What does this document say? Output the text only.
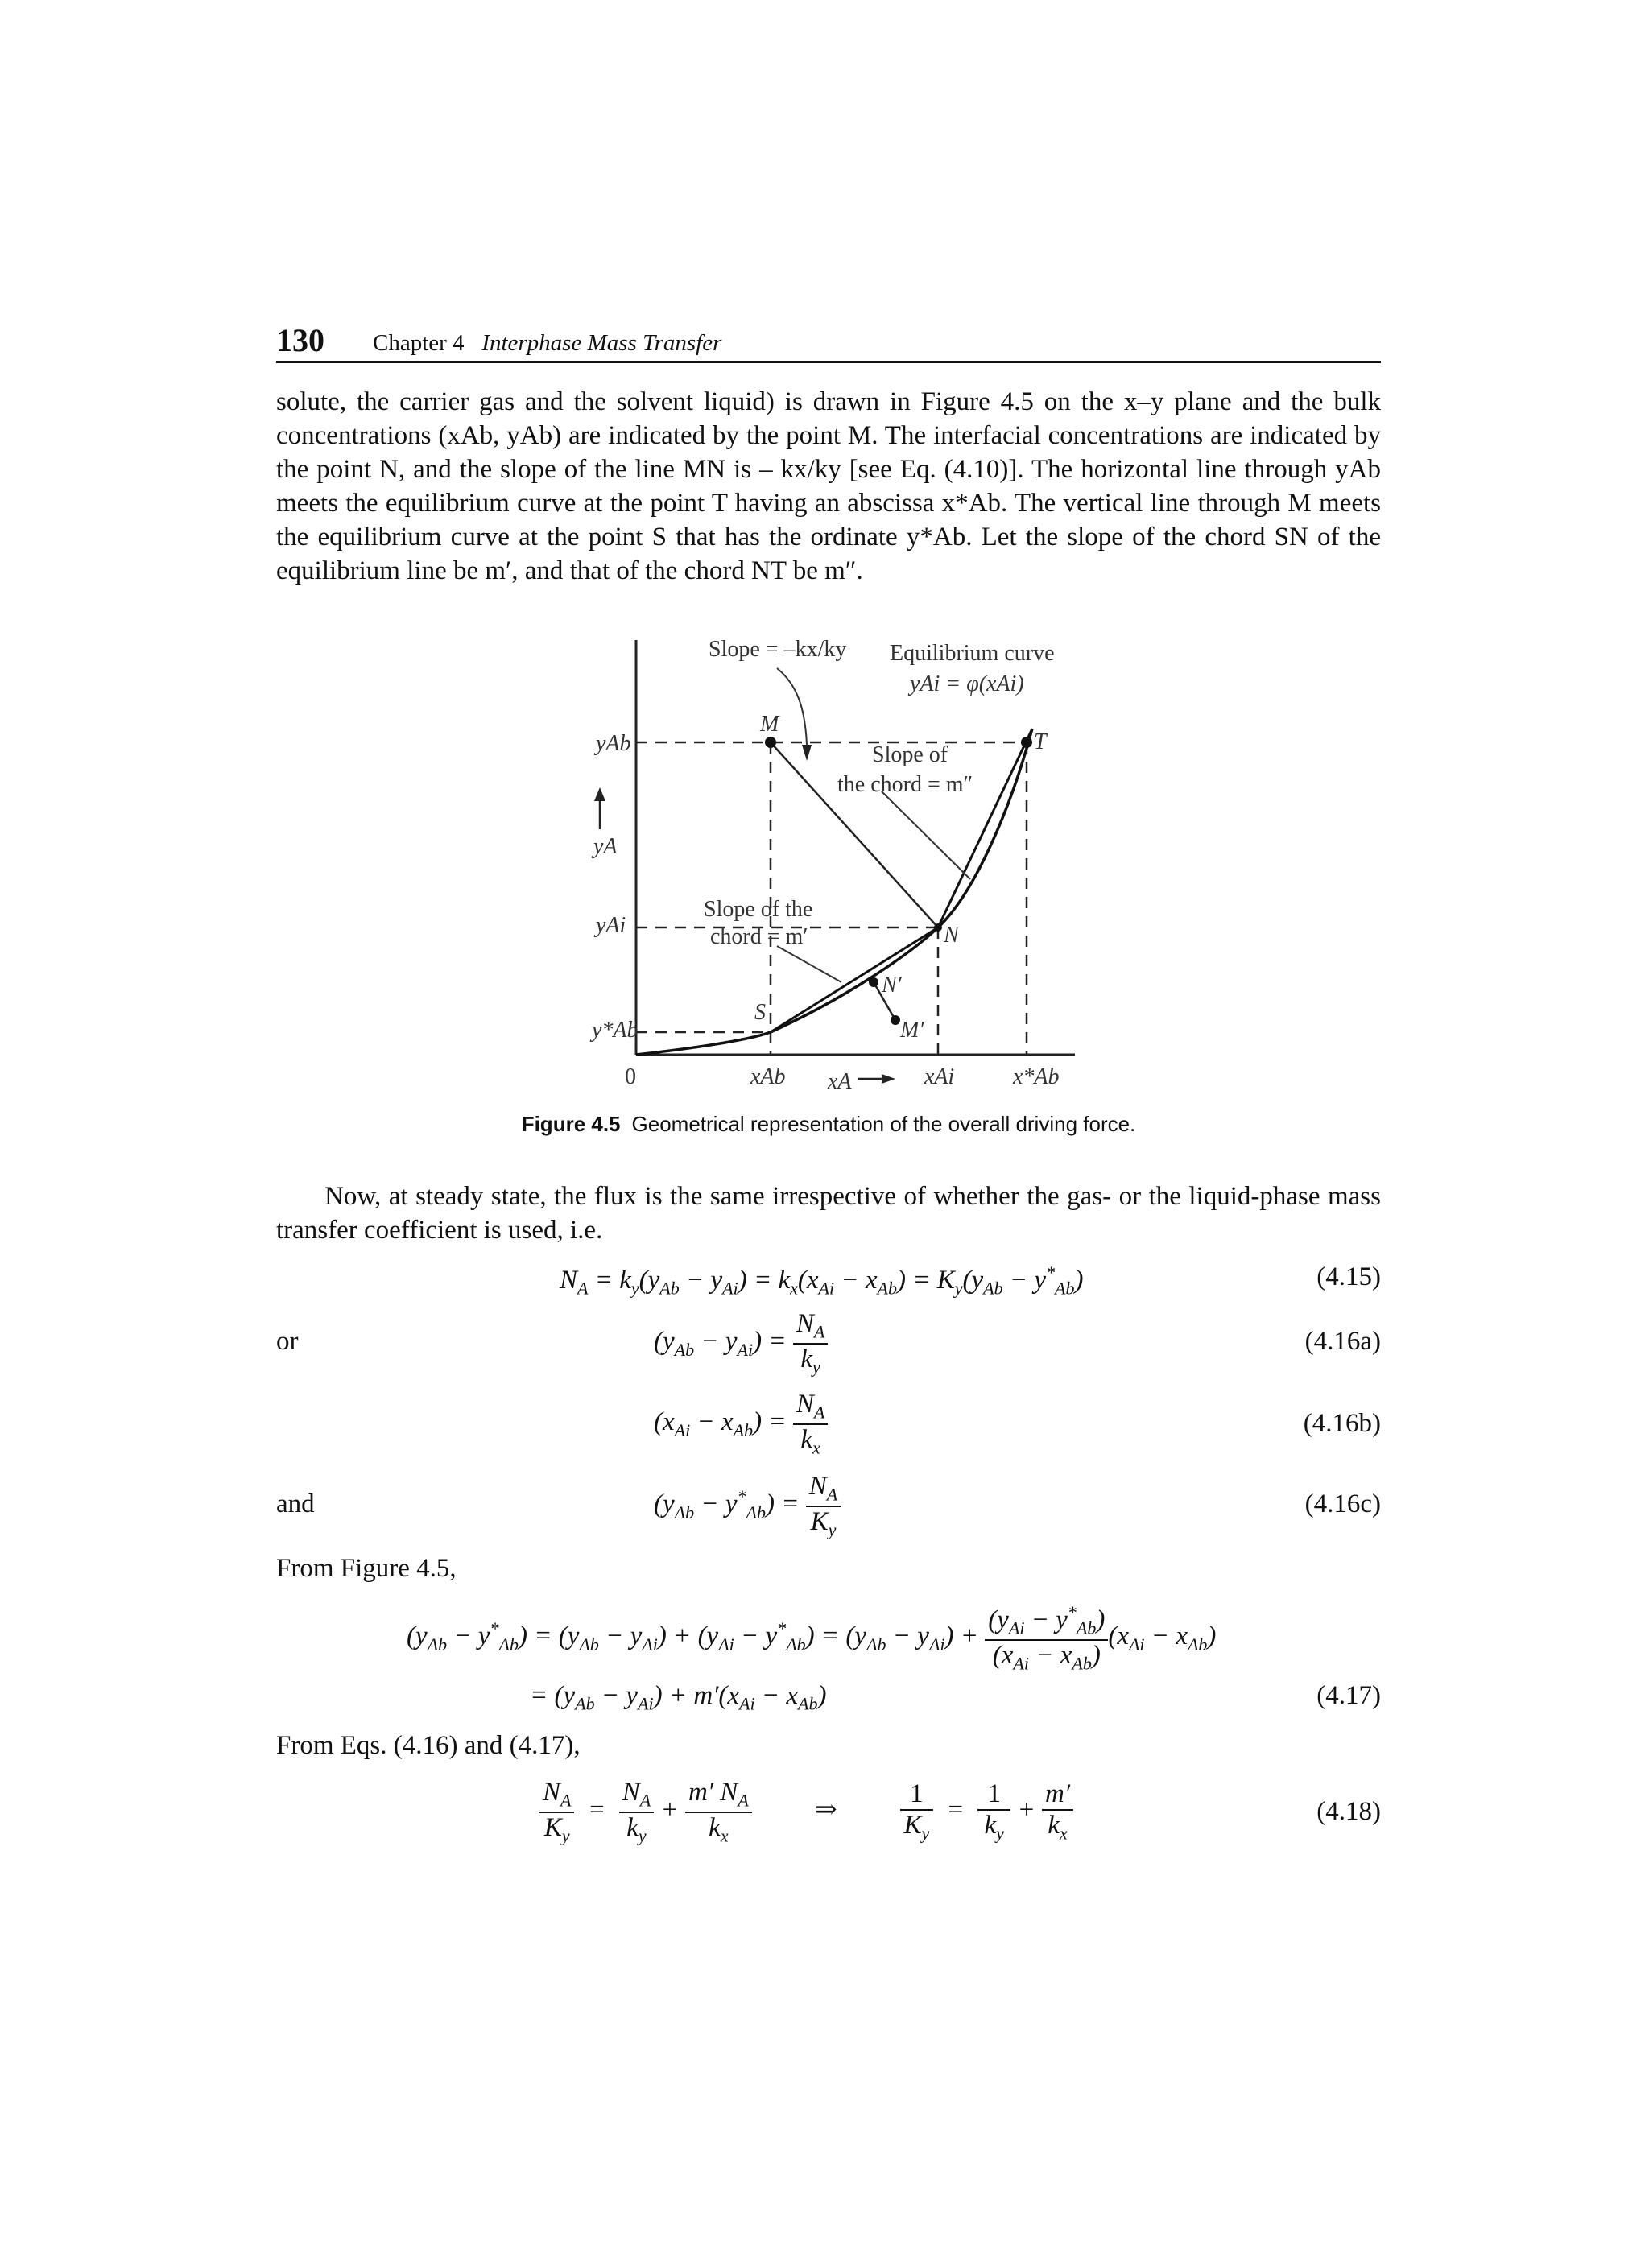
130 Chapter 4 Interphase Mass Transfer

solute, the carrier gas and the solvent liquid) is drawn in Figure 4.5 on the x–y plane and the bulk concentrations (xAb, yAb) are indicated by the point M. The interfacial concentrations are indicated by the point N, and the slope of the line MN is – kx/ky [see Eq. (4.10)]. The horizontal line through yAb meets the equilibrium curve at the point T having an abscissa x*Ab. The vertical line through M meets the equilibrium curve at the point S that has the ordinate y*Ab. Let the slope of the chord SN of the equilibrium line be m′, and that of the chord NT be m″.

Slope = –kx/ky Equilibrium curve
yAi = φ(xAi)
Slope of
the chord = m″
Slope of the
chord = m′
M
T
N
N′
S
M′
yAb
yA
yAi
y*Ab
0	xAb xA	xAi	x*Ab
Figure 4.5 Geometrical representation of the overall driving force.

Now, at steady state, the flux is the same irrespective of whether the gas- or the liquid-phase mass transfer coefficient is used, i.e.

$N_A = k_y(y_{Ab} - y_{Ai}) = k_x(x_{Ai} - x_{Ab}) = K_y(y_{Ab} - y^*_{Ab})$	(4.15)
or	$(y_{Ab} - y_{Ai}) = \frac{N_A}{k_y}$	(4.16a)
$(x_{Ai} - x_{Ab}) = \frac{N_A}{k_x}$	(4.16b)
and	$(y_{Ab} - y^*_{Ab}) = \frac{N_A}{K_y}$	(4.16c)
From Figure 4.5,
$(y_{Ab} - y^*_{Ab}) = (y_{Ab} - y_{Ai}) + (y_{Ai} - y^*_{Ab}) = (y_{Ab} - y_{Ai}) + \frac{(y_{Ai} - y^*_{Ab})}{(x_{Ai} - x_{Ab})} (x_{Ai} - x_{Ab})$
= $(y_{Ab} - y_{Ai}) + m'(x_{Ai} - x_{Ab})$	(4.17)
From Eqs. (4.16) and (4.17),
$\frac{N_A}{K_y} = \frac{N_A}{k_y} + \frac{m' N_A}{k_x}$ ⇒ $\frac{1}{K_y} = \frac{1}{k_y} + \frac{m'}{k_x}$	(4.18)
